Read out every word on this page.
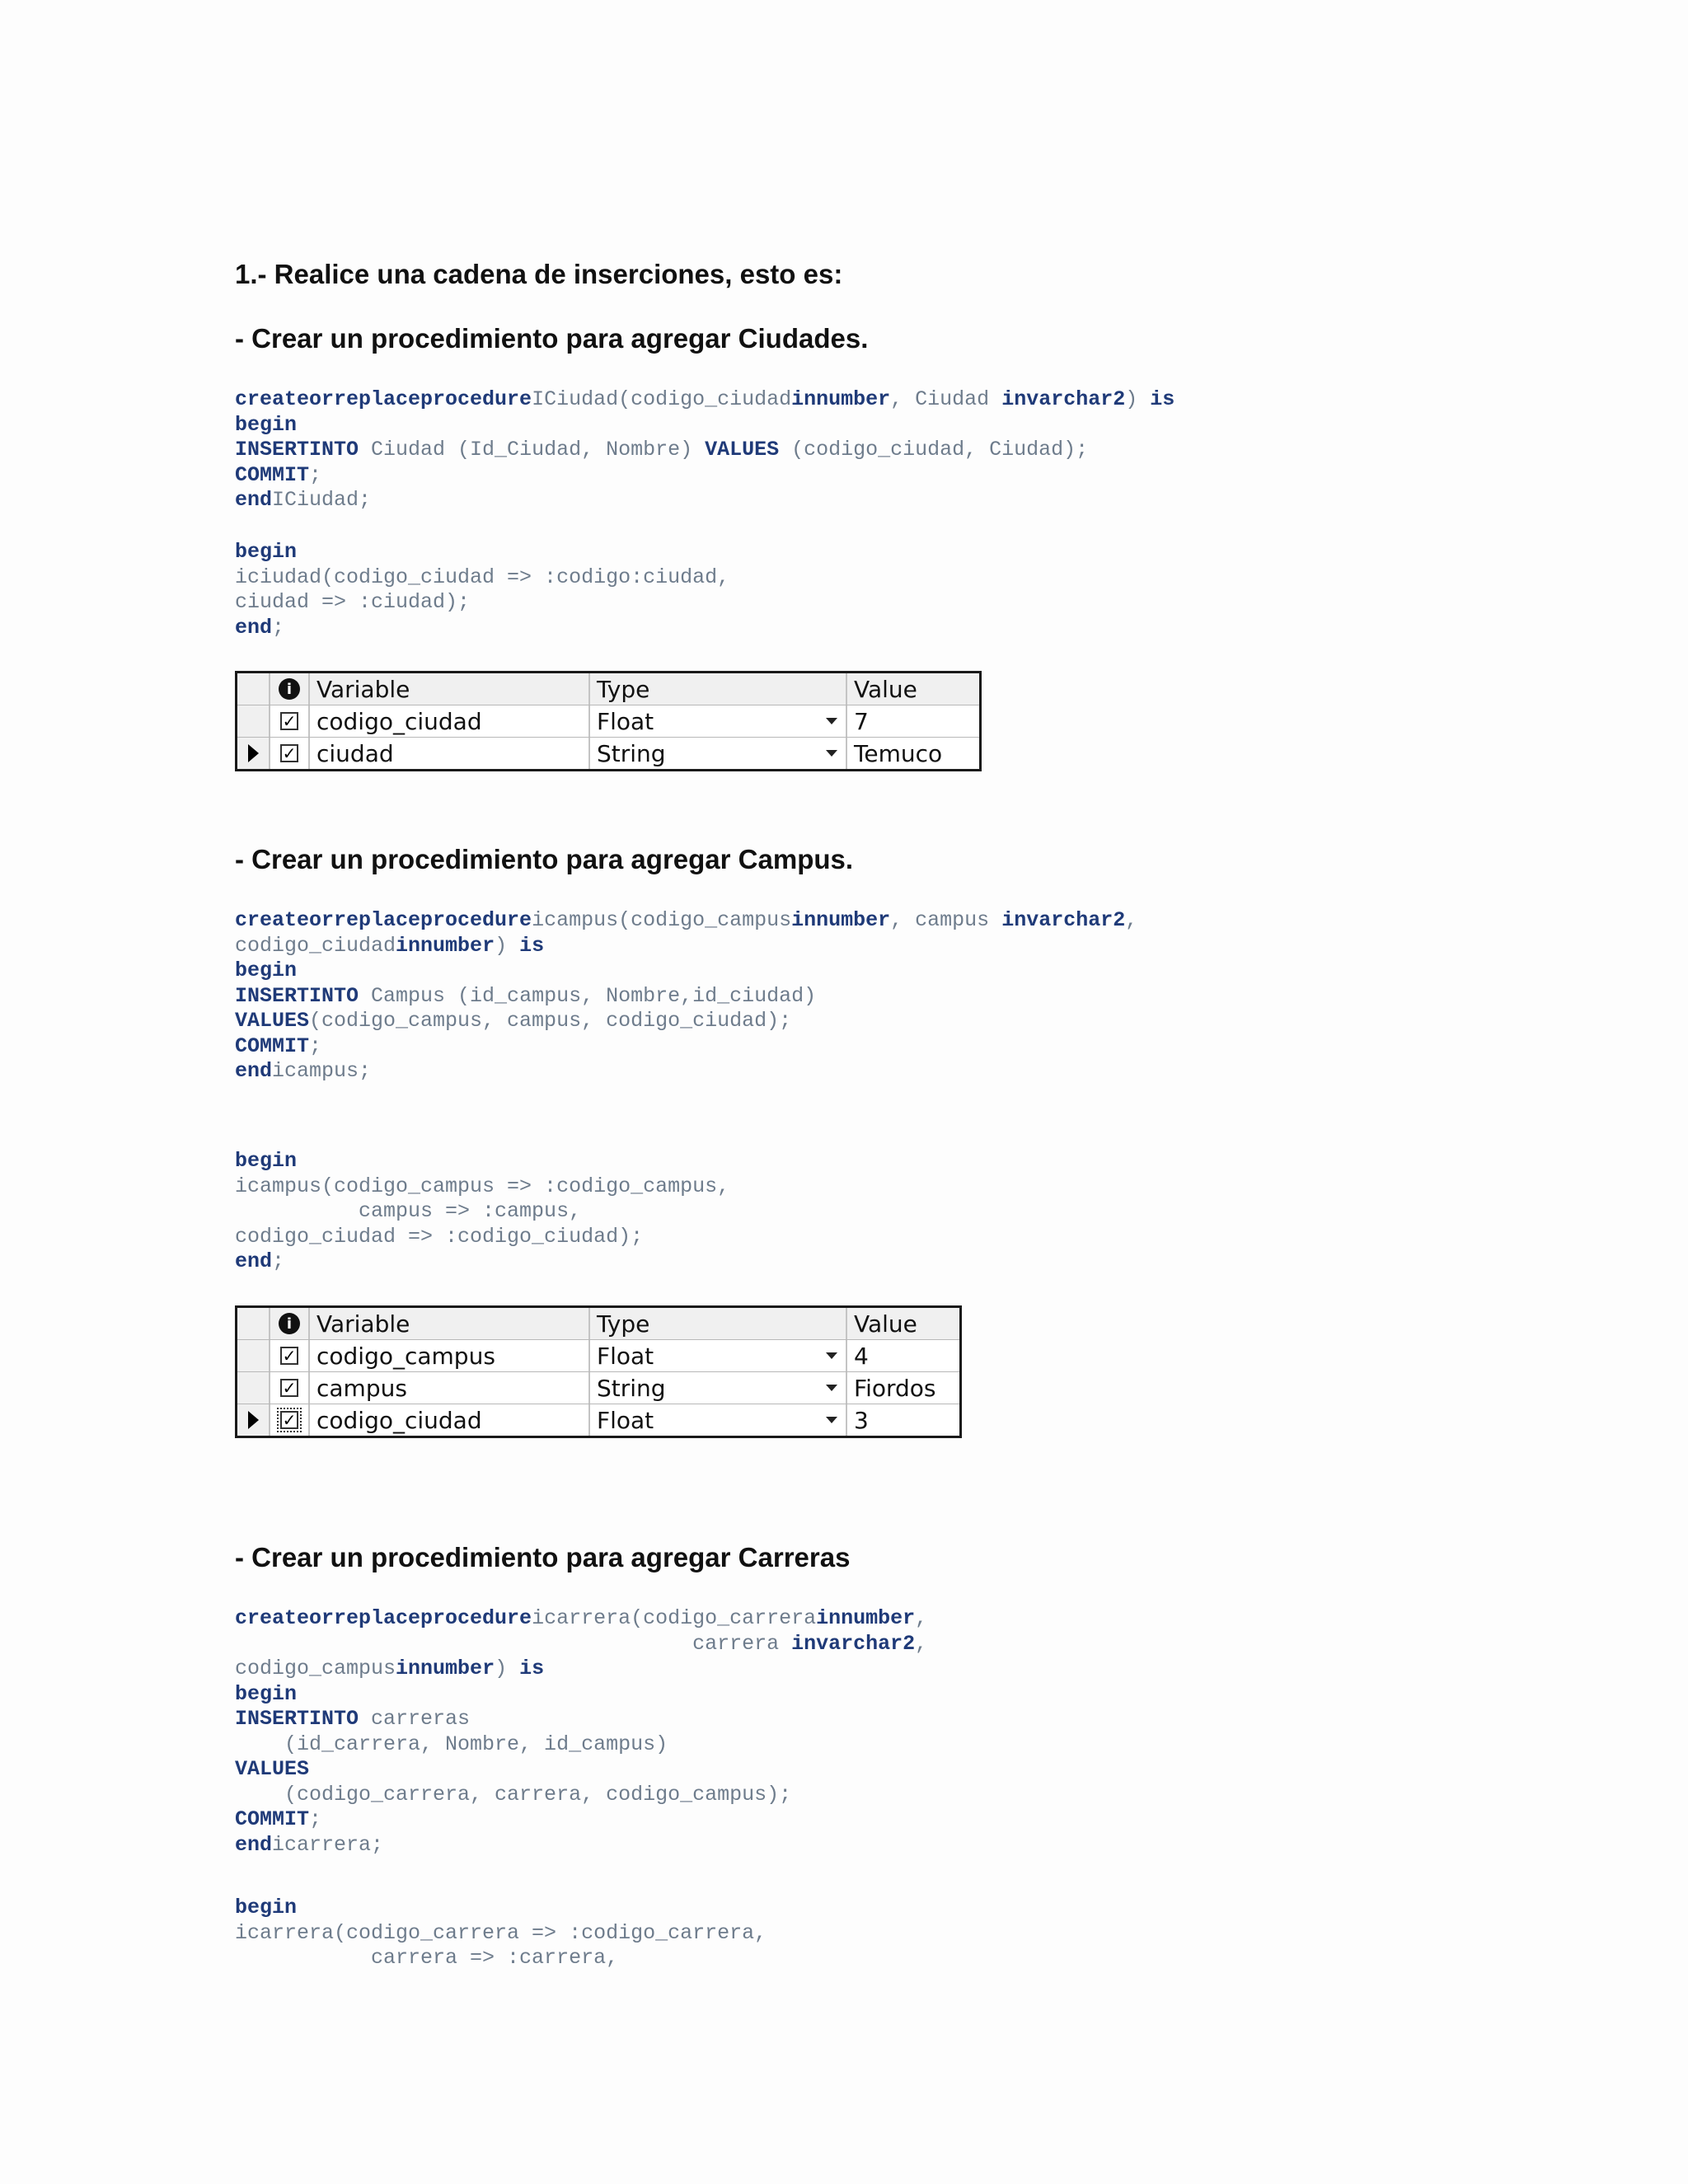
1.- Realice una cadena de inserciones, esto es:
- Crear un procedimiento para agregar Ciudades.
createorreplaceprocedureICiudad(codigo_ciudadinnumber, Ciudad invarchar2) is
begin
INSERTINTO Ciudad (Id_Ciudad, Nombre) VALUES (codigo_ciudad, Ciudad);
COMMIT;
endICiudad;
begin
iciudad(codigo_ciudad => :codigo:ciudad,
ciudad => :ciudad);
end;
i	Variable	Type	Value
✓ codigo_ciudad	Float	7
✓ ciudad	String	Temuco
- Crear un procedimiento para agregar Campus.
createorreplaceprocedureicampus(codigo_campusinnumber, campus invarchar2,
codigo_ciudadinnumber) is
begin
INSERTINTO Campus (id_campus, Nombre,id_ciudad)
VALUES(codigo_campus, campus, codigo_ciudad);
COMMIT;
endicampus;
begin
icampus(codigo_campus => :codigo_campus,
campus => :campus,
codigo_ciudad => :codigo_ciudad);
end;
i	Variable	Type	Value
✓ codigo_campus	Float	4
✓ campus	String	Fiordos
✓ codigo_ciudad	Float	3
- Crear un procedimiento para agregar Carreras
createorreplaceprocedureicarrera(codigo_carrerainnumber,
carrera invarchar2,
codigo_campusinnumber) is
begin
INSERTINTO carreras
(id_carrera, Nombre, id_campus)
VALUES
(codigo_carrera, carrera, codigo_campus);
COMMIT;
endicarrera;
begin
icarrera(codigo_carrera => :codigo_carrera,
carrera => :carrera,
